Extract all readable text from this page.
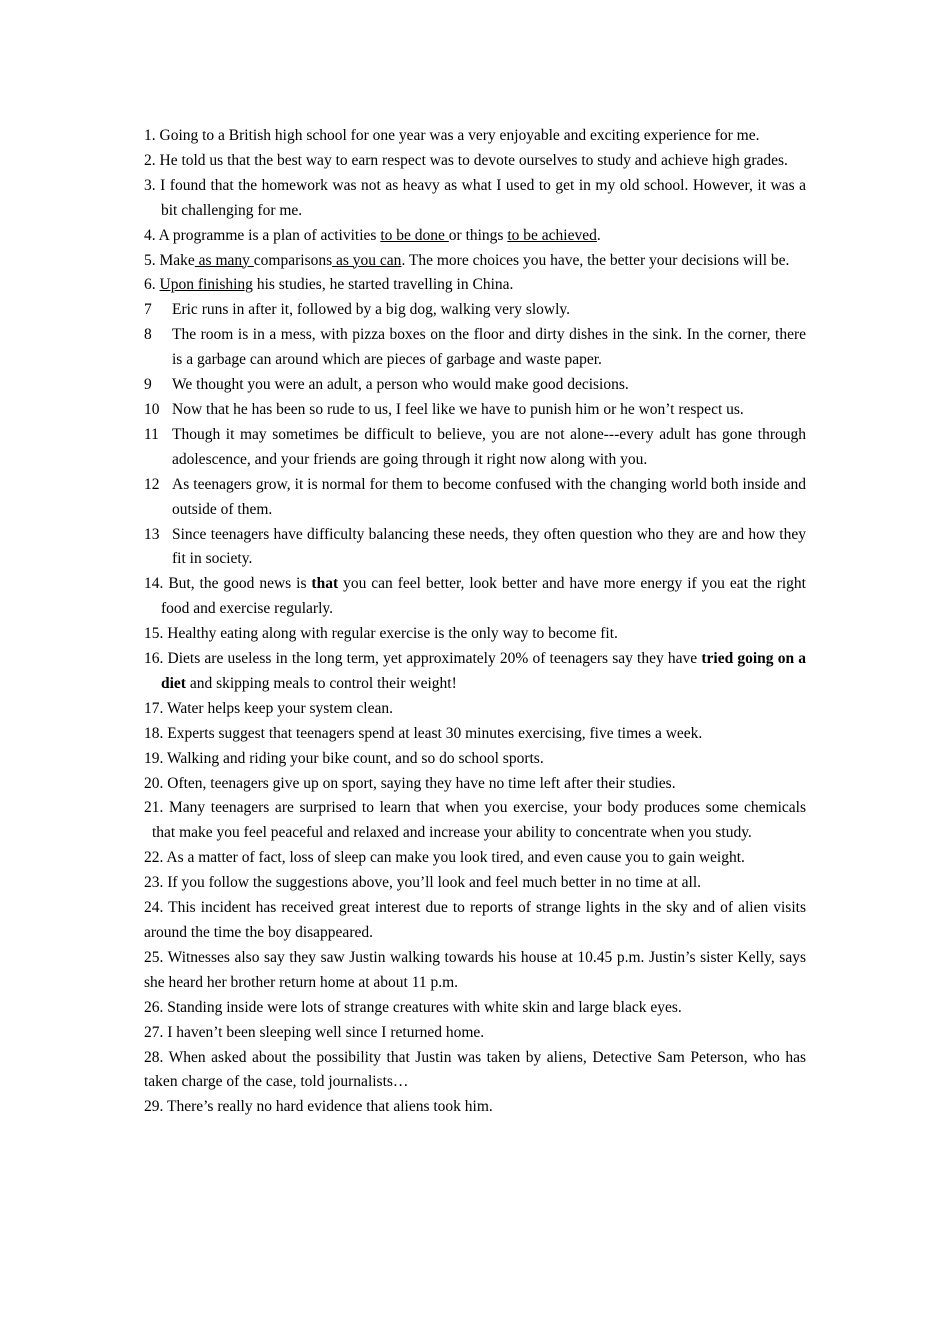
1. Going to a British high school for one year was a very enjoyable and exciting experience for me.

2. He told us that the best way to earn respect was to devote ourselves to study and achieve high grades.

3. I found that the homework was not as heavy as what I used to get in my old school. However, it was a bit challenging for me.

4. A programme is a plan of activities to be done or things to be achieved.

5. Make as many comparisons as you can. The more choices you have, the better your decisions will be.

6. Upon finishing his studies, he started travelling in China.

7 Eric runs in after it, followed by a big dog, walking very slowly.

8 The room is in a mess, with pizza boxes on the floor and dirty dishes in the sink. In the corner, there is a garbage can around which are pieces of garbage and waste paper.

9 We thought you were an adult, a person who would make good decisions.

10 Now that he has been so rude to us, I feel like we have to punish him or he won’t respect us.

11 Though it may sometimes be difficult to believe, you are not alone---every adult has gone through adolescence, and your friends are going through it right now along with you.

12 As teenagers grow, it is normal for them to become confused with the changing world both inside and outside of them.

13 Since teenagers have difficulty balancing these needs, they often question who they are and how they fit in society.

14. But, the good news is that you can feel better, look better and have more energy if you eat the right food and exercise regularly.

15. Healthy eating along with regular exercise is the only way to become fit.

16. Diets are useless in the long term, yet approximately 20% of teenagers say they have tried going on a diet and skipping meals to control their weight!

17. Water helps keep your system clean.

18. Experts suggest that teenagers spend at least 30 minutes exercising, five times a week.

19. Walking and riding your bike count, and so do school sports.

20. Often, teenagers give up on sport, saying they have no time left after their studies.

21. Many teenagers are surprised to learn that when you exercise, your body produces some chemicals that make you feel peaceful and relaxed and increase your ability to concentrate when you study.

22. As a matter of fact, loss of sleep can make you look tired, and even cause you to gain weight.

23. If you follow the suggestions above, you’ll look and feel much better in no time at all.

24. This incident has received great interest due to reports of strange lights in the sky and of alien visits around the time the boy disappeared.

25. Witnesses also say they saw Justin walking towards his house at 10.45 p.m. Justin’s sister Kelly, says she heard her brother return home at about 11 p.m.

26. Standing inside were lots of strange creatures with white skin and large black eyes.

27. I haven’t been sleeping well since I returned home.

28. When asked about the possibility that Justin was taken by aliens, Detective Sam Peterson, who has taken charge of the case, told journalists…

29. There’s really no hard evidence that aliens took him.
